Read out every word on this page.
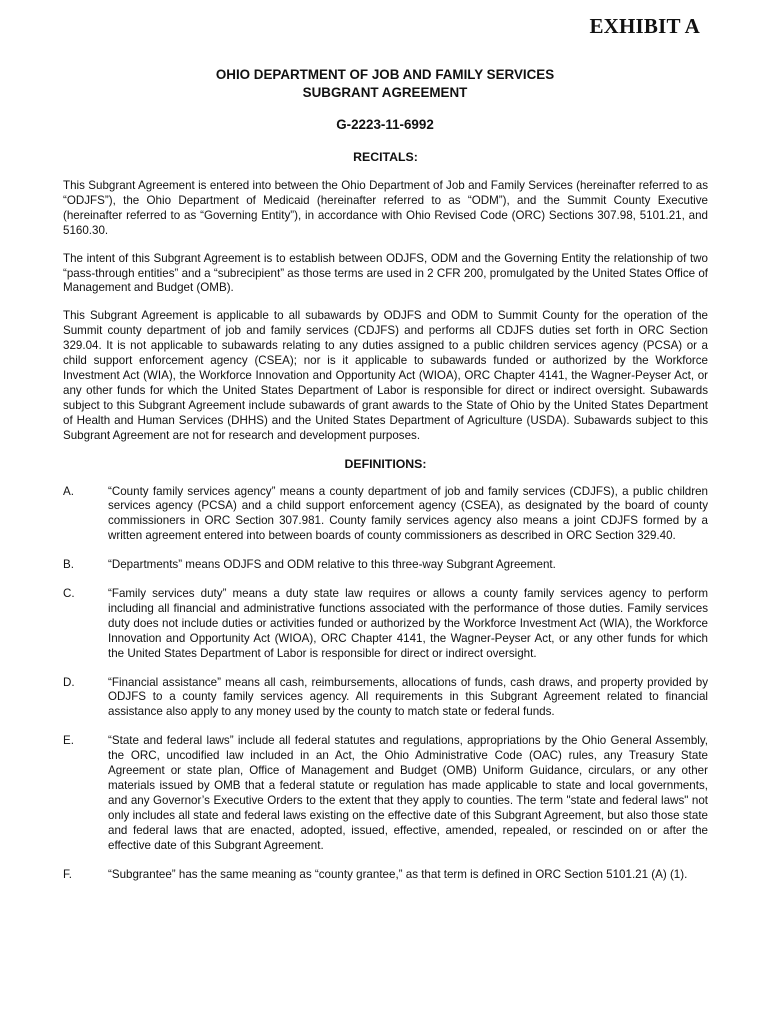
EXHIBIT A
OHIO DEPARTMENT OF JOB AND FAMILY SERVICES
SUBGRANT AGREEMENT
G-2223-11-6992

RECITALS:

This Subgrant Agreement is entered into between the Ohio Department of Job and Family Services (hereinafter referred to as “ODJFS”), the Ohio Department of Medicaid (hereinafter referred to as “ODM”), and the Summit County Executive (hereinafter referred to as “Governing Entity”), in accordance with Ohio Revised Code (ORC) Sections 307.98, 5101.21, and 5160.30.

The intent of this Subgrant Agreement is to establish between ODJFS, ODM and the Governing Entity the relationship of two “pass-through entities” and a “subrecipient” as those terms are used in 2 CFR 200, promulgated by the United States Office of Management and Budget (OMB).

This Subgrant Agreement is applicable to all subawards by ODJFS and ODM to Summit County for the operation of the Summit county department of job and family services (CDJFS) and performs all CDJFS duties set forth in ORC Section 329.04. It is not applicable to subawards relating to any duties assigned to a public children services agency (PCSA) or a child support enforcement agency (CSEA); nor is it applicable to subawards funded or authorized by the Workforce Investment Act (WIA), the Workforce Innovation and Opportunity Act (WIOA), ORC Chapter 4141, the Wagner-Peyser Act, or any other funds for which the United States Department of Labor is responsible for direct or indirect oversight. Subawards subject to this Subgrant Agreement include subawards of grant awards to the State of Ohio by the United States Department of Health and Human Services (DHHS) and the United States Department of Agriculture (USDA). Subawards subject to this Subgrant Agreement are not for research and development purposes.

DEFINITIONS:

A.	“County family services agency” means a county department of job and family services (CDJFS), a public children services agency (PCSA) and a child support enforcement agency (CSEA), as designated by the board of county commissioners in ORC Section 307.981. County family services agency also means a joint CDJFS formed by a written agreement entered into between boards of county commissioners as described in ORC Section 329.40.
B.	“Departments” means ODJFS and ODM relative to this three-way Subgrant Agreement.
C.	“Family services duty” means a duty state law requires or allows a county family services agency to perform including all financial and administrative functions associated with the performance of those duties. Family services duty does not include duties or activities funded or authorized by the Workforce Investment Act (WIA), the Workforce Innovation and Opportunity Act (WIOA), ORC Chapter 4141, the Wagner-Peyser Act, or any other funds for which the United States Department of Labor is responsible for direct or indirect oversight.
D.	“Financial assistance” means all cash, reimbursements, allocations of funds, cash draws, and property provided by ODJFS to a county family services agency. All requirements in this Subgrant Agreement related to financial assistance also apply to any money used by the county to match state or federal funds.
E.	“State and federal laws” include all federal statutes and regulations, appropriations by the Ohio General Assembly, the ORC, uncodified law included in an Act, the Ohio Administrative Code (OAC) rules, any Treasury State Agreement or state plan, Office of Management and Budget (OMB) Uniform Guidance, circulars, or any other materials issued by OMB that a federal statute or regulation has made applicable to state and local governments, and any Governor’s Executive Orders to the extent that they apply to counties. The term "state and federal laws" not only includes all state and federal laws existing on the effective date of this Subgrant Agreement, but also those state and federal laws that are enacted, adopted, issued, effective, amended, repealed, or rescinded on or after the effective date of this Subgrant Agreement.
F.	“Subgrantee” has the same meaning as “county grantee,” as that term is defined in ORC Section 5101.21 (A) (1).
